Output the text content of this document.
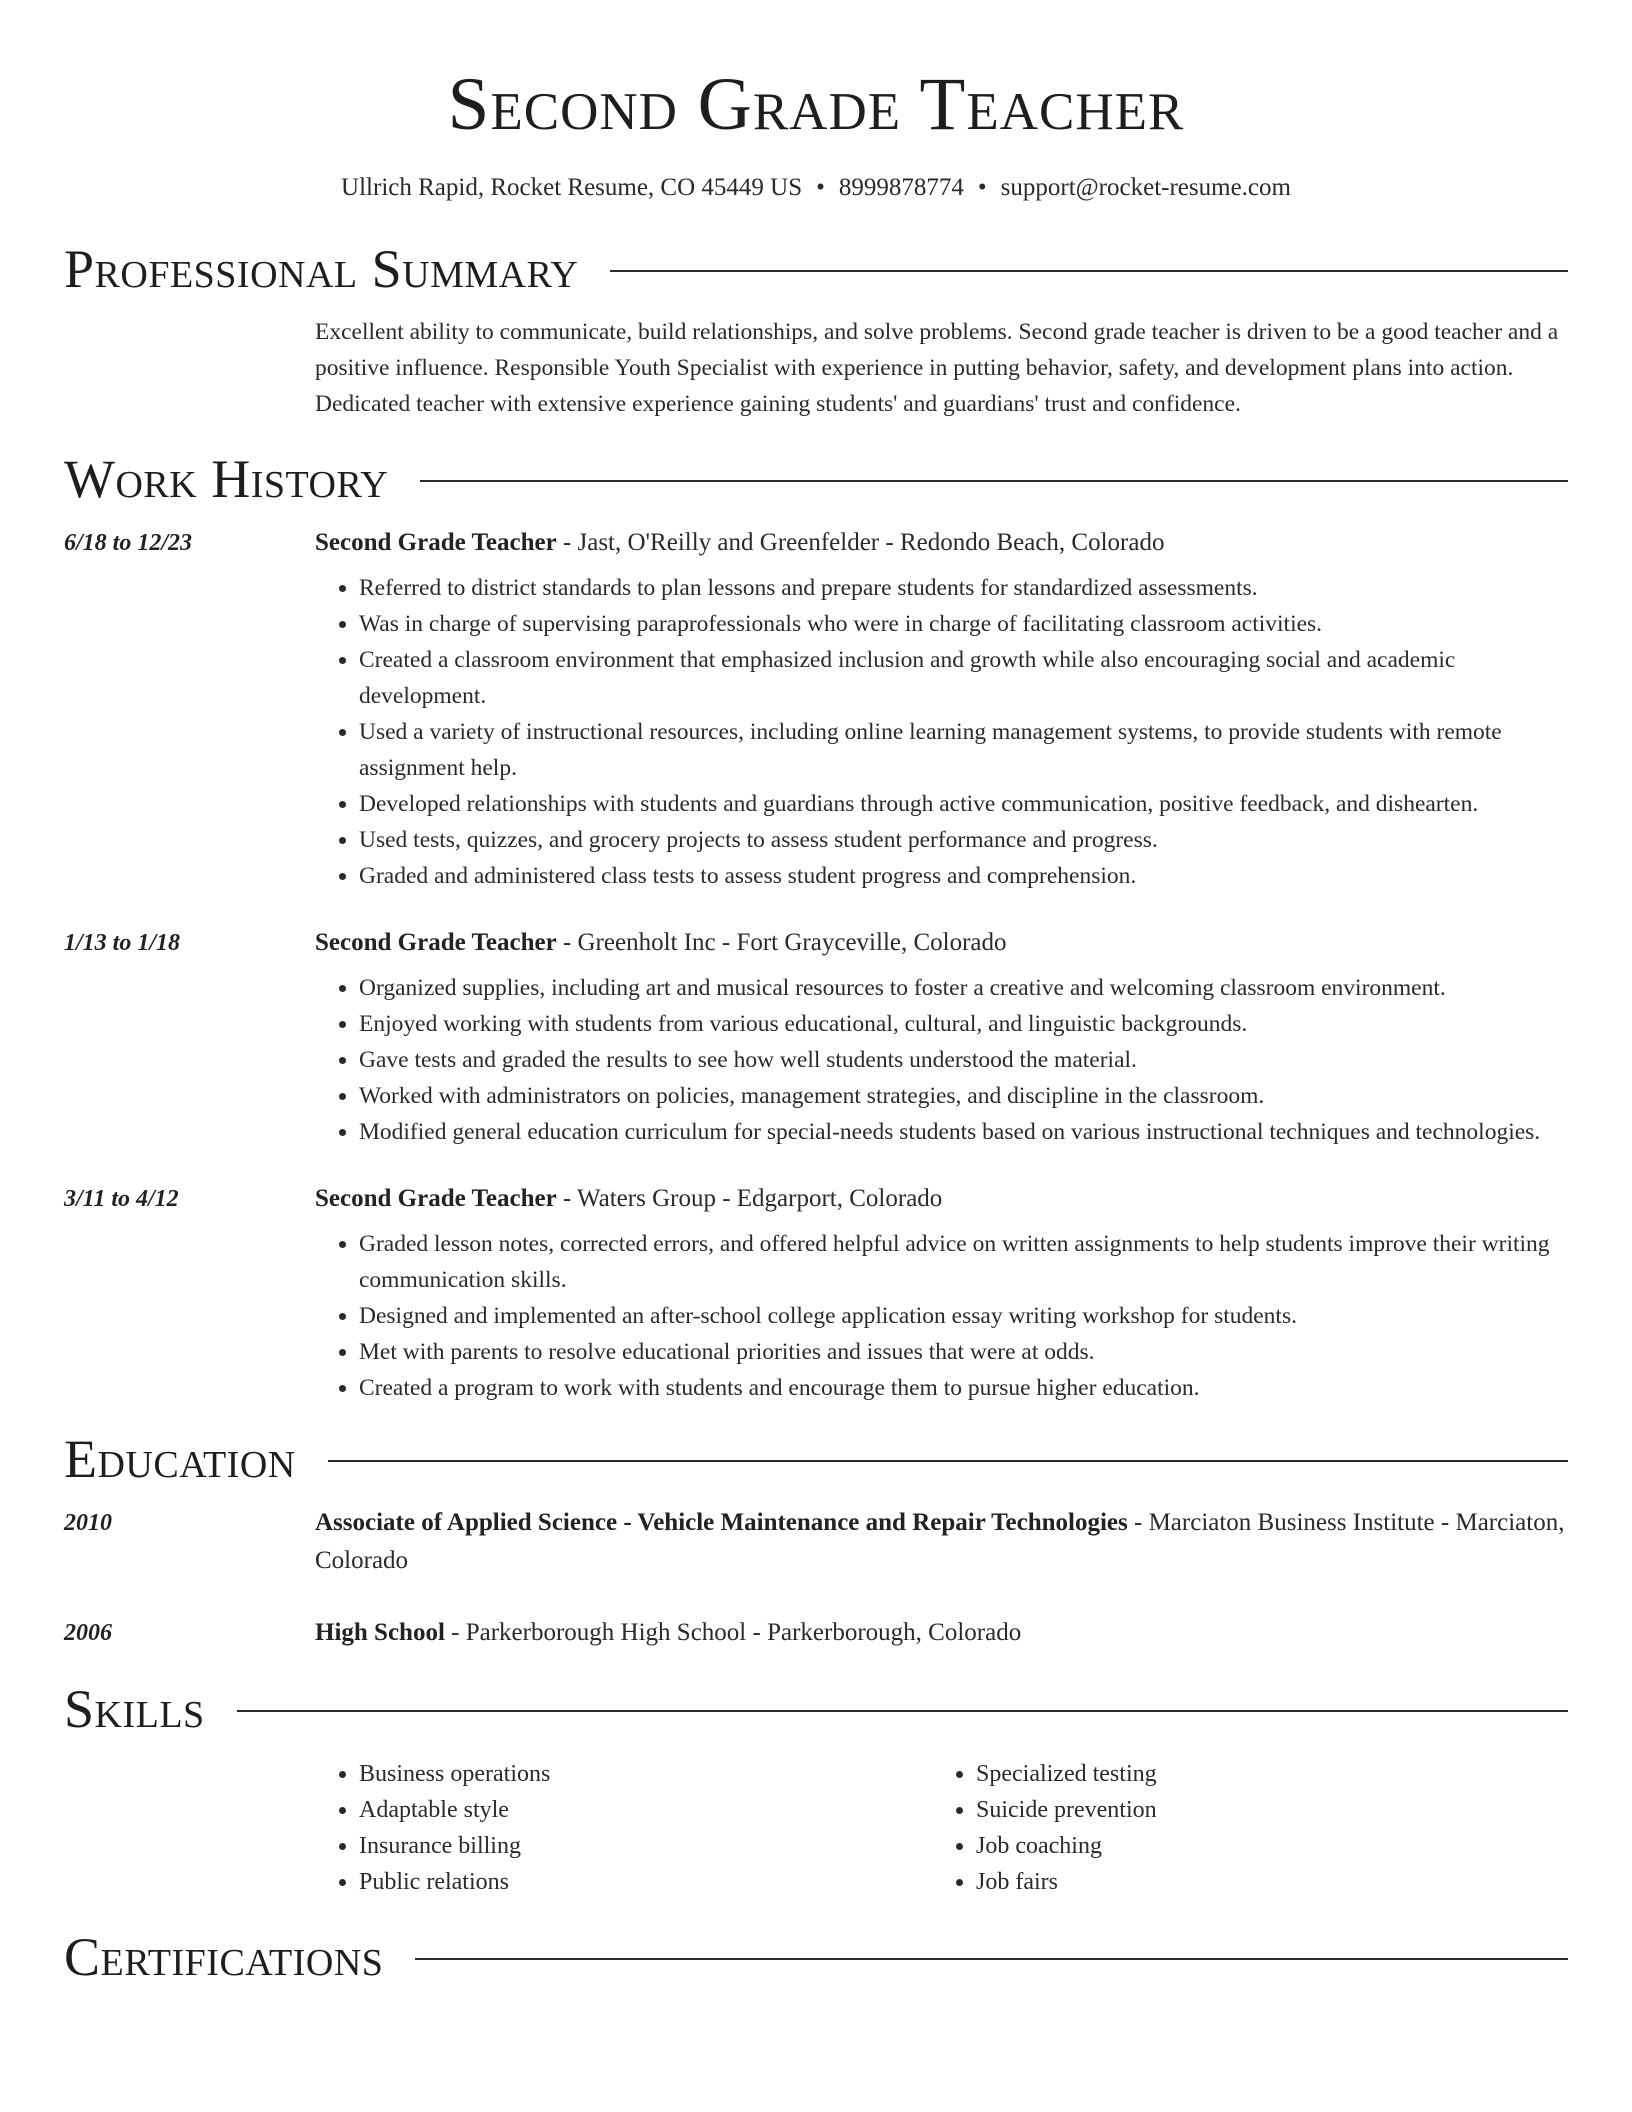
Second Grade Teacher
Ullrich Rapid, Rocket Resume, CO 45449 US • 8999878774 • support@rocket-resume.com
Professional Summary
Excellent ability to communicate, build relationships, and solve problems. Second grade teacher is driven to be a good teacher and a positive influence. Responsible Youth Specialist with experience in putting behavior, safety, and development plans into action. Dedicated teacher with extensive experience gaining students' and guardians' trust and confidence.
Work History
6/18 to 12/23	Second Grade Teacher - Jast, O'Reilly and Greenfelder - Redondo Beach, Colorado
• Referred to district standards to plan lessons and prepare students for standardized assessments.
• Was in charge of supervising paraprofessionals who were in charge of facilitating classroom activities.
• Created a classroom environment that emphasized inclusion and growth while also encouraging social and academic development.
• Used a variety of instructional resources, including online learning management systems, to provide students with remote assignment help.
• Developed relationships with students and guardians through active communication, positive feedback, and dishearten.
• Used tests, quizzes, and grocery projects to assess student performance and progress.
• Graded and administered class tests to assess student progress and comprehension.
1/13 to 1/18	Second Grade Teacher - Greenholt Inc - Fort Grayceville, Colorado
• Organized supplies, including art and musical resources to foster a creative and welcoming classroom environment.
• Enjoyed working with students from various educational, cultural, and linguistic backgrounds.
• Gave tests and graded the results to see how well students understood the material.
• Worked with administrators on policies, management strategies, and discipline in the classroom.
• Modified general education curriculum for special-needs students based on various instructional techniques and technologies.
3/11 to 4/12	Second Grade Teacher - Waters Group - Edgarport, Colorado
• Graded lesson notes, corrected errors, and offered helpful advice on written assignments to help students improve their writing communication skills.
• Designed and implemented an after-school college application essay writing workshop for students.
• Met with parents to resolve educational priorities and issues that were at odds.
• Created a program to work with students and encourage them to pursue higher education.
Education
2010	Associate of Applied Science - Vehicle Maintenance and Repair Technologies - Marciaton Business Institute - Marciaton, Colorado
2006	High School - Parkerborough High School - Parkerborough, Colorado
Skills
• Business operations
• Adaptable style
• Insurance billing
• Public relations
• Specialized testing
• Suicide prevention
• Job coaching
• Job fairs
Certifications
